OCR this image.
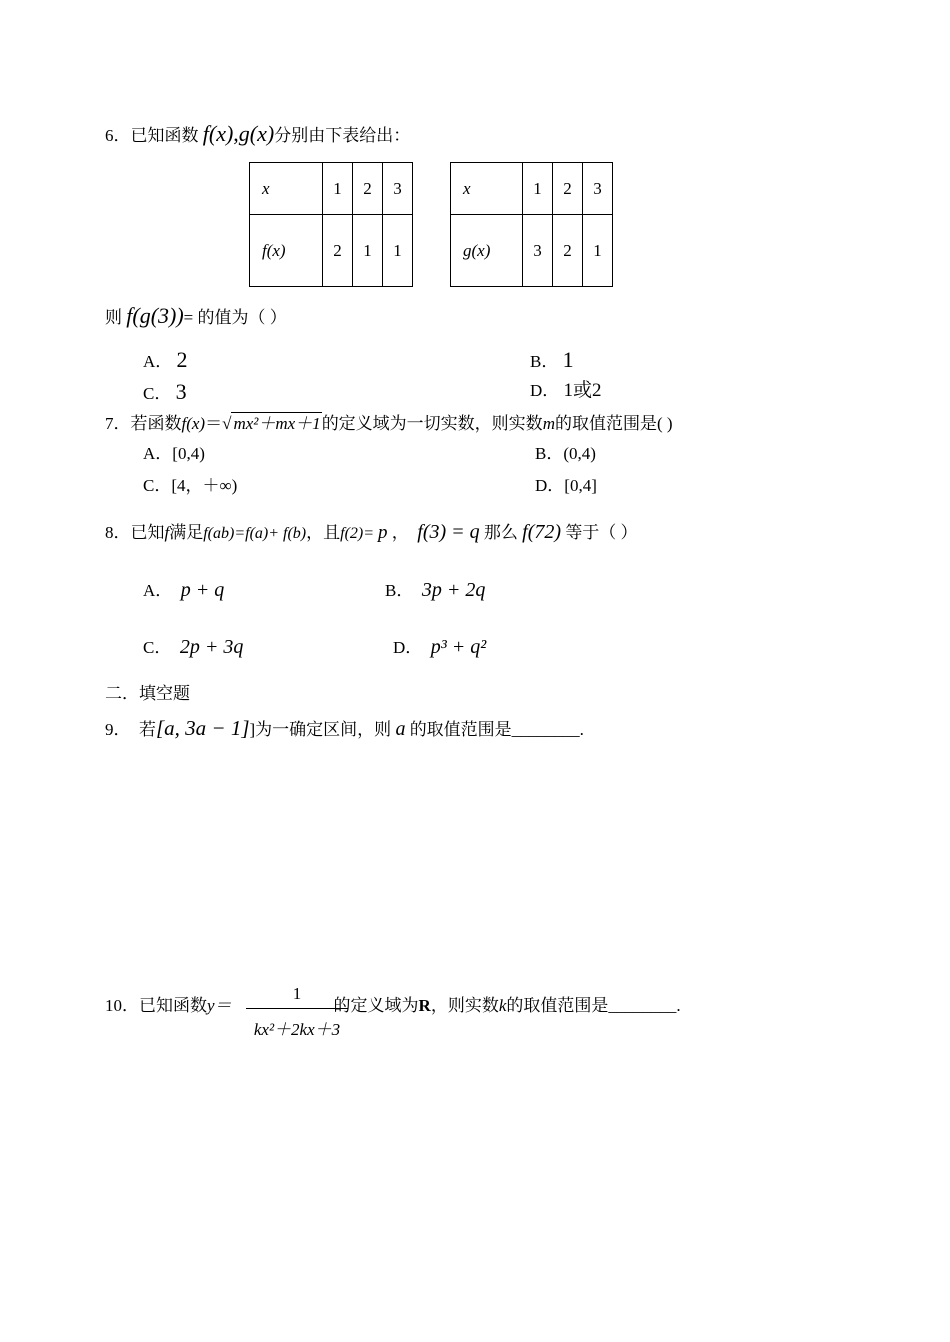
6．已知函数 f(x),g(x)分别由下表给出：
x	1	2	3
f(x)	2	1	1
x	1	2	3
g(x)	3	2	1
则 f(g(3))= 的值为（ ）
A． 2	B． 1
C． 3	D． 1或2
7．若函数f(x)＝√ mx²＋mx＋1的定义域为一切实数，则实数m的取值范围是( )
A．[0,4)	B．(0,4)
C．[4，＋∞)	D．[0,4]
8．已知f满足f(ab)=f(a)+ f(b)，且f(2)= p ， f(3) = q 那么 f(72) 等于（ ）
A． p + q	B． 3p + 2q
C． 2p + 3q	D． p³ + q²
二．填空题
9． 若[a, 3a − 1]]为一确定区间，则 a 的取值范围是________.
10．已知函数y＝	的定义域为R，则实数k的取值范围是________.
$\frac{1}{\text{kx²＋2kx＋3}}$
